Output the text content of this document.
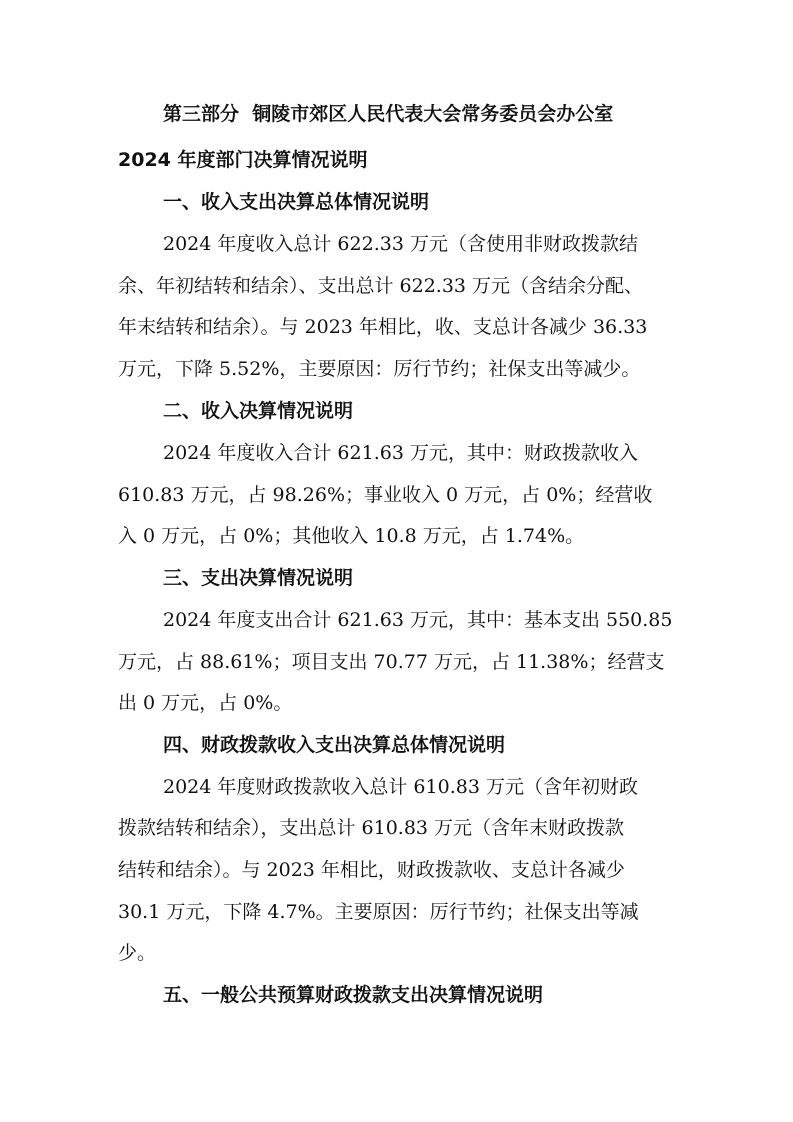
第三部分  铜陵市郊区人民代表大会常务委员会办公室
2024 年度部门决算情况说明
一、收入支出决算总体情况说明
2024 年度收入总计 622.33 万元（含使用非财政拨款结
余、年初结转和结余）、支出总计 622.33 万元（含结余分配、
年末结转和结余）。与 2023 年相比，收、支总计各减少 36.33
万元，下降 5.52%，主要原因：厉行节约；社保支出等减少。
二、收入决算情况说明
2024 年度收入合计 621.63 万元，其中：财政拨款收入
610.83 万元，占 98.26%；事业收入 0 万元，占 0%；经营收
入 0 万元，占 0%；其他收入 10.8 万元，占 1.74%。
三、支出决算情况说明
2024 年度支出合计 621.63 万元，其中：基本支出 550.85
万元，占 88.61%；项目支出 70.77 万元，占 11.38%；经营支
出 0 万元，占 0%。
四、财政拨款收入支出决算总体情况说明
2024 年度财政拨款收入总计 610.83 万元（含年初财政
拨款结转和结余），支出总计 610.83 万元（含年末财政拨款
结转和结余）。与 2023 年相比，财政拨款收、支总计各减少
30.1 万元，下降 4.7%。主要原因：厉行节约；社保支出等减
少。
五、一般公共预算财政拨款支出决算情况说明
